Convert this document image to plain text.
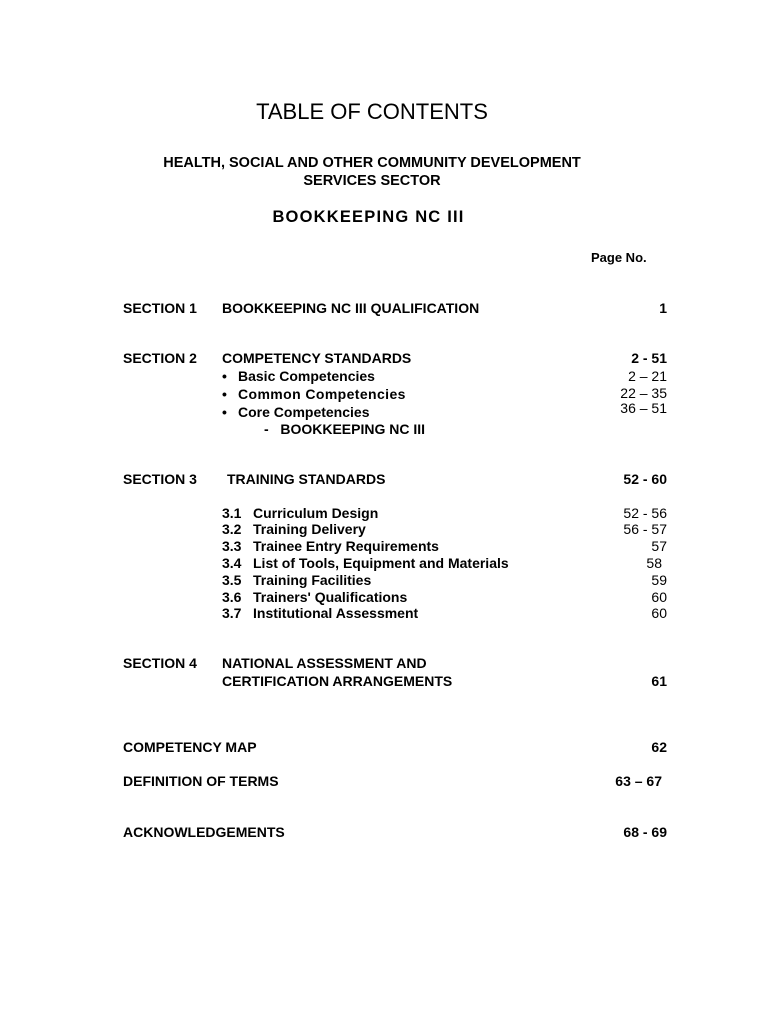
TABLE OF CONTENTS
HEALTH, SOCIAL AND OTHER COMMUNITY DEVELOPMENT
SERVICES SECTOR
BOOKKEEPING NC III
Page No.
SECTION 1 BOOKKEEPING NC III QUALIFICATION	1
SECTION 2 COMPETENCY STANDARDS	2 - 51
• Basic Competencies	2 – 21
• Common Competencies	22 – 35
• Core Competencies	36 – 51
-   BOOKKEEPING NC III
SECTION 3 TRAINING STANDARDS	52 - 60
3.1 Curriculum Design	52 - 56
3.2 Training Delivery	56 - 57
3.3 Trainee Entry Requirements	57
3.4 List of Tools, Equipment and Materials	58
3.5 Training Facilities	59
3.6 Trainers' Qualifications	60
3.7 Institutional Assessment	60
SECTION 4 NATIONAL ASSESSMENT AND
CERTIFICATION ARRANGEMENTS	61
COMPETENCY MAP	62
DEFINITION OF TERMS	63 – 67
ACKNOWLEDGEMENTS	68 - 69
